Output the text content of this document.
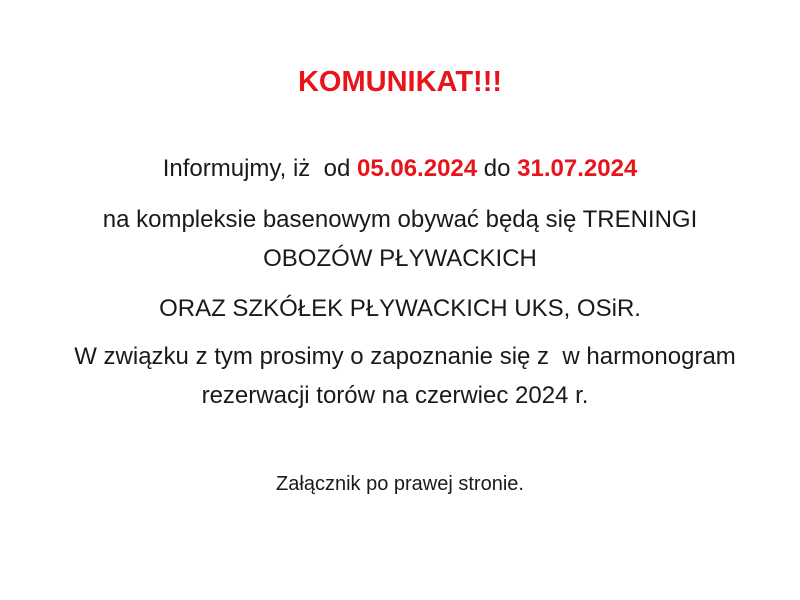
KOMUNIKAT!!!
Informujmy, iż  od 05.06.2024 do 31.07.2024
na kompleksie basenowym obywać będą się TRENINGI
OBOZÓW PŁYWACKICH
ORAZ SZKÓŁEK PŁYWACKICH UKS, OSiR.
W związku z tym prosimy o zapoznanie się z  w harmonogram
rezerwacji torów na czerwiec 2024 r.
Załącznik po prawej stronie.
